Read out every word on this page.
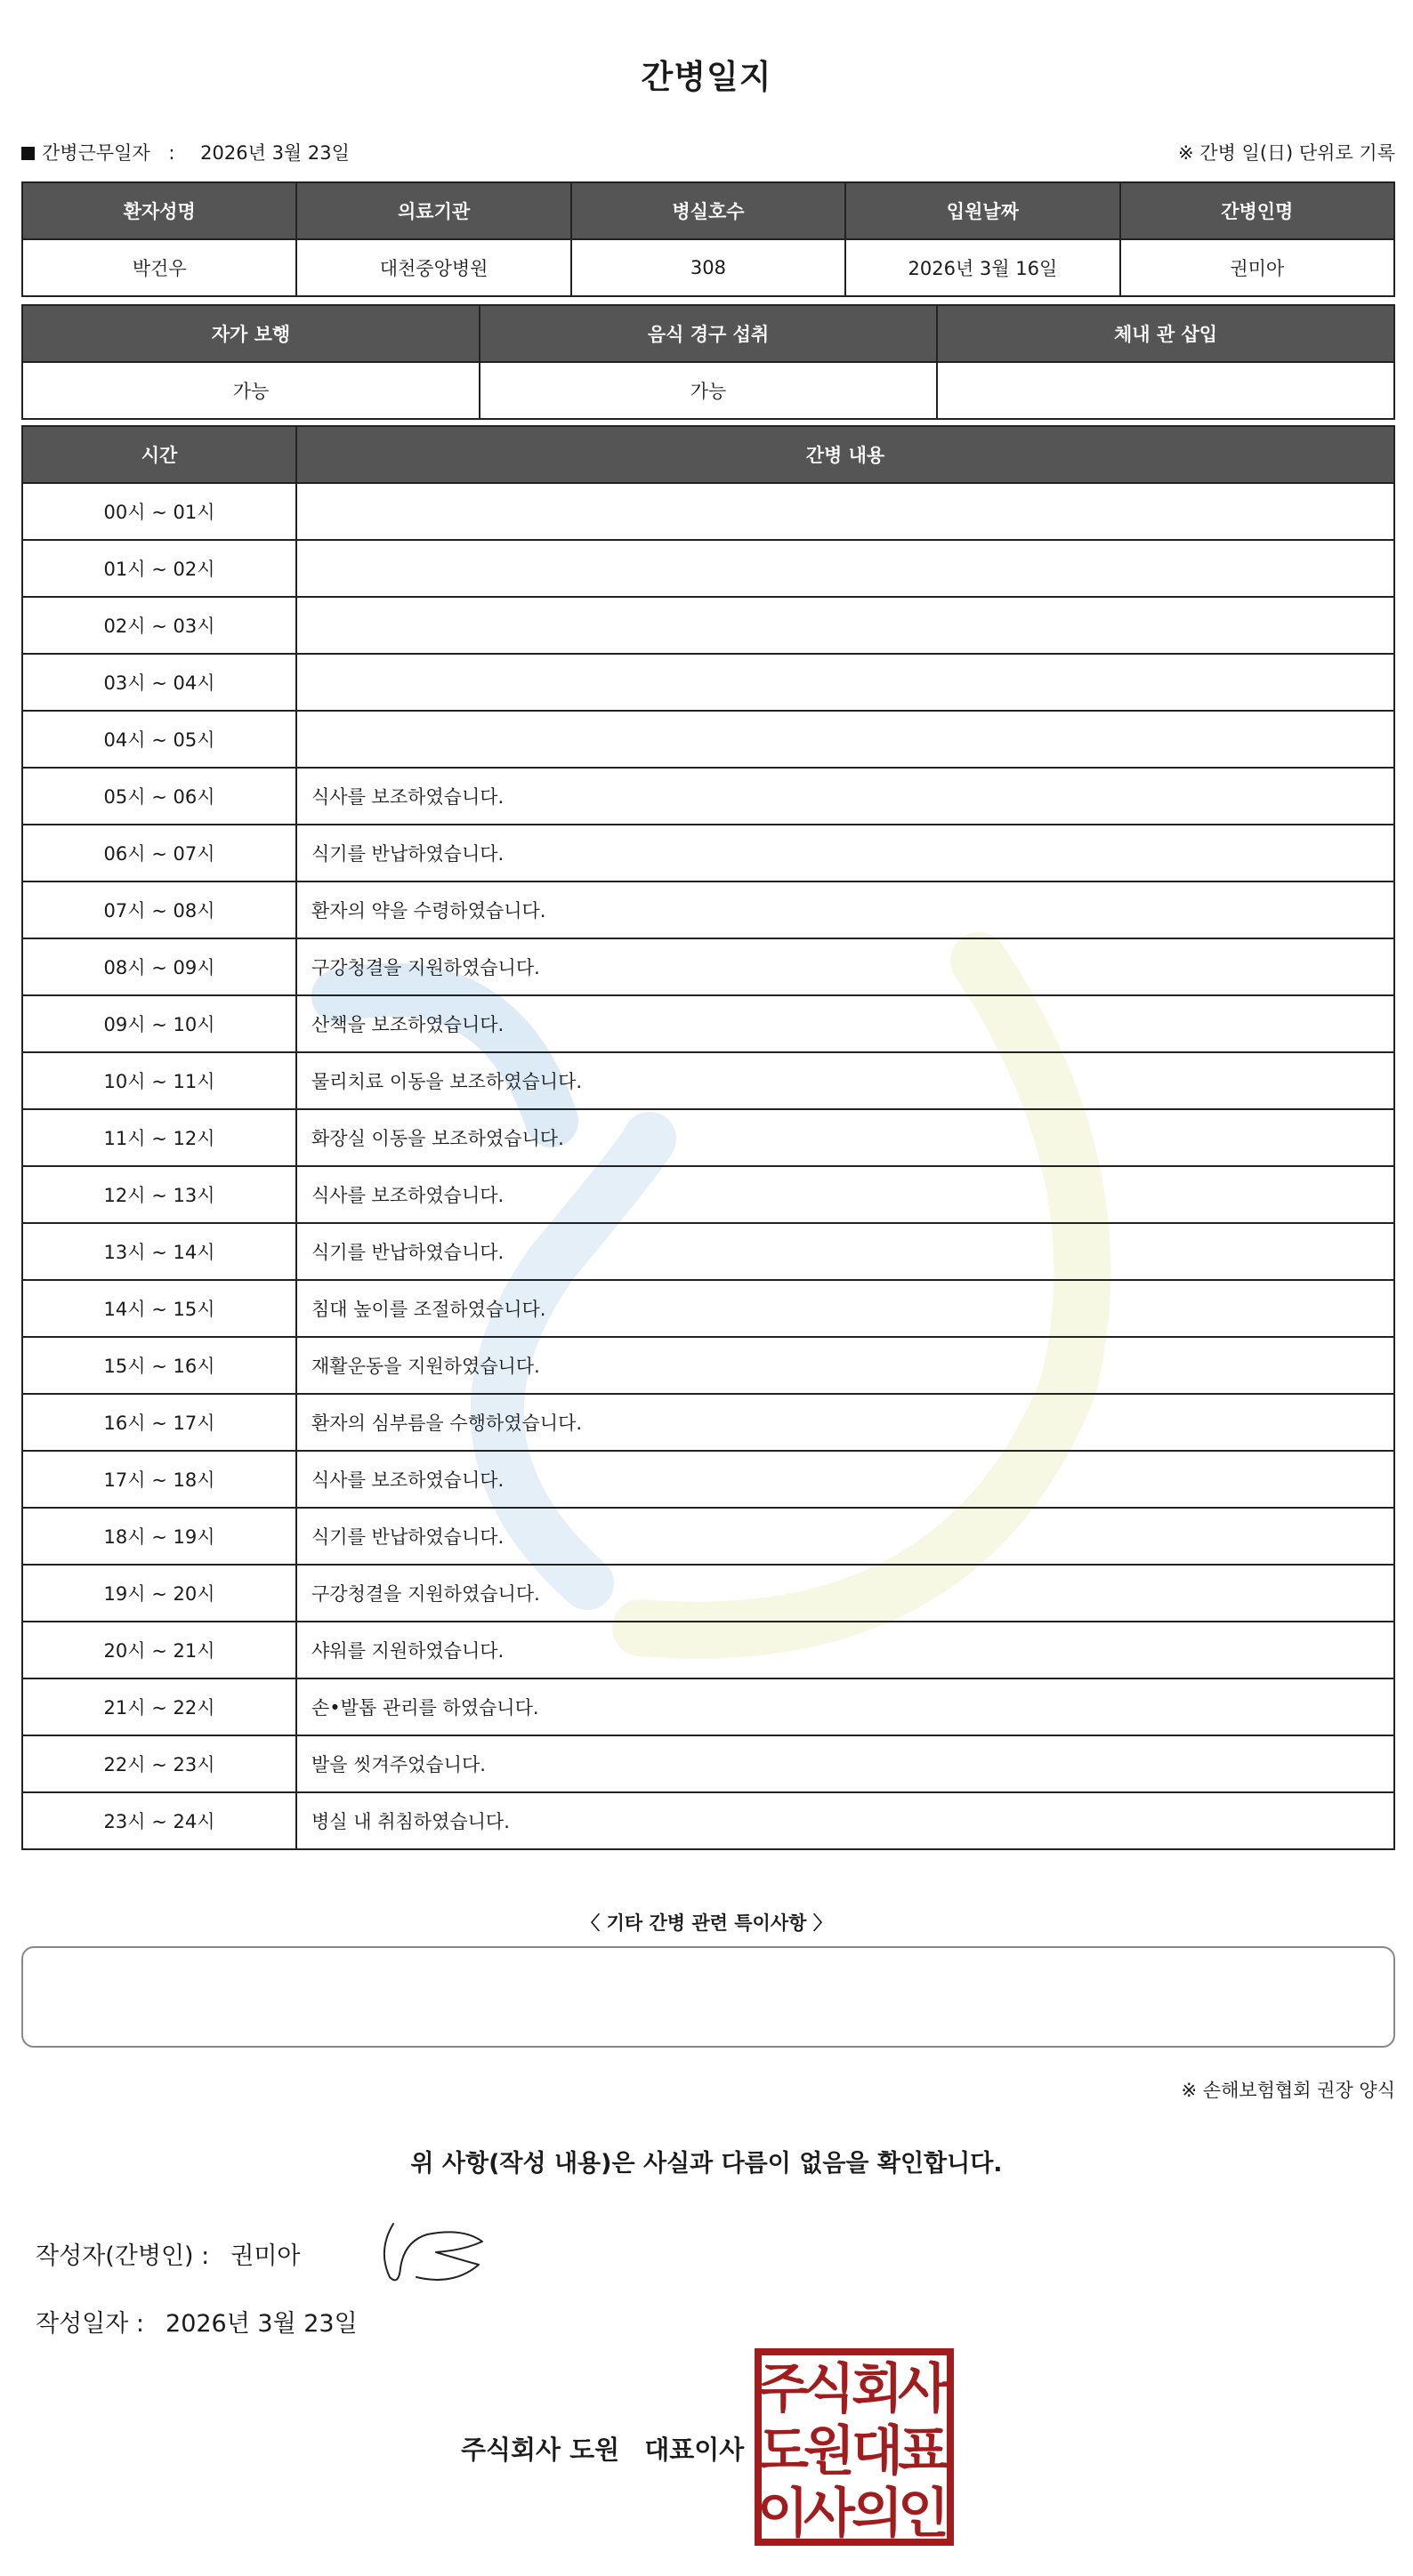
간병일지
간병근무일자 : 2026년 3월 23일	※ 간병 일(日) 단위로 기록
환자성명	의료기관	병실호수	입원날짜	간병인명
박건우	대천중앙병원	308	2026년 3월 16일	권미아
자가 보행	음식 경구 섭취	체내 관 삽입
가능	가능	
시간	간병 내용
00시 ~ 01시	
01시 ~ 02시	
02시 ~ 03시	
03시 ~ 04시	
04시 ~ 05시	
05시 ~ 06시	식사를 보조하였습니다.
06시 ~ 07시	식기를 반납하였습니다.
07시 ~ 08시	환자의 약을 수령하였습니다.
08시 ~ 09시	구강청결을 지원하였습니다.
09시 ~ 10시	산책을 보조하였습니다.
10시 ~ 11시	물리치료 이동을 보조하였습니다.
11시 ~ 12시	화장실 이동을 보조하였습니다.
12시 ~ 13시	식사를 보조하였습니다.
13시 ~ 14시	식기를 반납하였습니다.
14시 ~ 15시	침대 높이를 조절하였습니다.
15시 ~ 16시	재활운동을 지원하였습니다.
16시 ~ 17시	환자의 심부름을 수행하였습니다.
17시 ~ 18시	식사를 보조하였습니다.
18시 ~ 19시	식기를 반납하였습니다.
19시 ~ 20시	구강청결을 지원하였습니다.
20시 ~ 21시	샤워를 지원하였습니다.
21시 ~ 22시	손•발톱 관리를 하였습니다.
22시 ~ 23시	발을 씻겨주었습니다.
23시 ~ 24시	병실 내 취침하였습니다.
〈 기타 간병 관련 특이사항 〉
※ 손해보험협회 권장 양식
위 사항(작성 내용)은 사실과 다름이 없음을 확인합니다.
작성자(간병인) : 권미아
작성일자 : 2026년 3월 23일
주식회사 도원 대표이사
주
식
회
사
도
원
대
표
이
사
의
인
